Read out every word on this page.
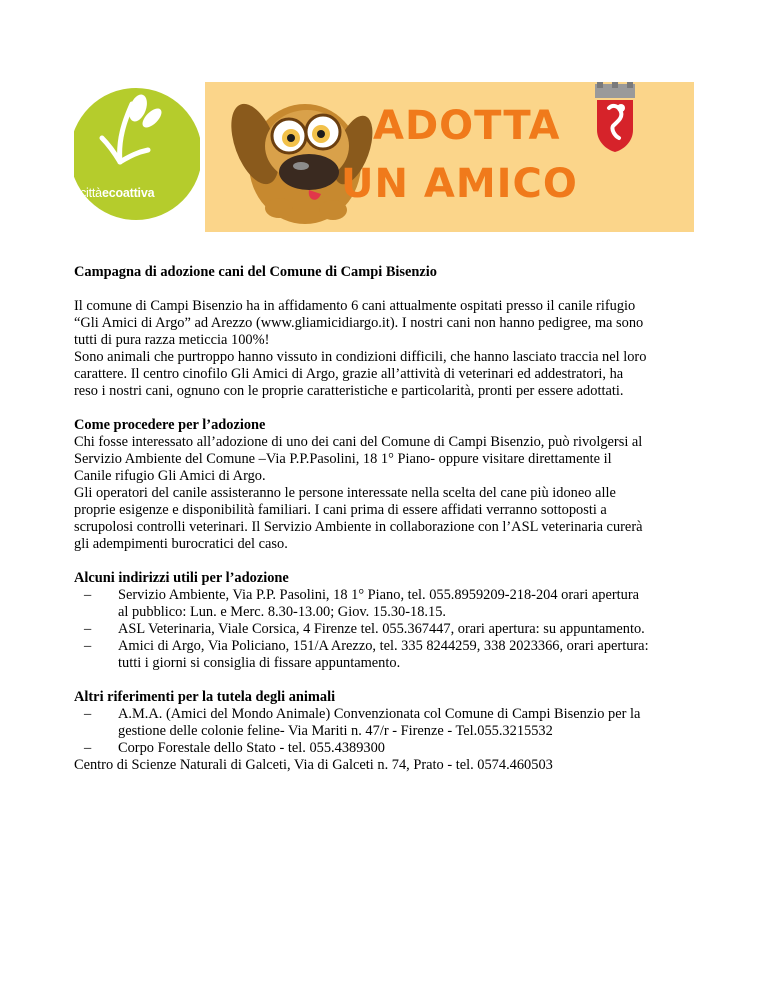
cittàecoattiva
ADOTTA
UN AMICO

Campagna di adozione cani del Comune di Campi Bisenzio

Il comune di Campi Bisenzio ha in affidamento 6 cani attualmente ospitati presso il canile rifugio

“Gli Amici di Argo” ad Arezzo (www.gliamicidiargo.it). I nostri cani non hanno pedigree, ma sono

tutti di pura razza meticcia 100%!

Sono animali che purtroppo hanno vissuto in condizioni difficili, che hanno lasciato traccia nel loro

carattere. Il centro cinofilo Gli Amici di Argo, grazie all’attività di veterinari ed addestratori, ha

reso i nostri cani, ognuno con le proprie caratteristiche e particolarità, pronti per essere adottati.

Come procedere per l’adozione

Chi fosse interessato all’adozione di uno dei cani del Comune di Campi Bisenzio, può rivolgersi al

Servizio Ambiente del Comune –Via P.P.Pasolini, 18 1° Piano- oppure visitare direttamente il

Canile rifugio Gli Amici di Argo.

Gli operatori del canile assisteranno le persone interessate nella scelta del cane più idoneo alle

proprie esigenze e disponibilità familiari. I cani prima di essere affidati verranno sottoposti a

scrupolosi controlli veterinari. Il Servizio Ambiente in collaborazione con l’ASL veterinaria curerà

gli adempimenti burocratici del caso.

Alcuni indirizzi utili per l’adozione

– Servizio Ambiente, Via P.P. Pasolini, 18 1° Piano, tel. 055.8959209-218-204 orari apertura
al pubblico: Lun. e Merc. 8.30-13.00; Giov. 15.30-18.15.
– ASL Veterinaria, Viale Corsica, 4 Firenze tel. 055.367447, orari apertura: su appuntamento.
– Amici di Argo, Via Policiano, 151/A Arezzo, tel. 335 8244259, 338 2023366, orari apertura:
tutti i giorni si consiglia di fissare appuntamento.

Altri riferimenti per la tutela degli animali

– A.M.A. (Amici del Mondo Animale) Convenzionata col Comune di Campi Bisenzio per la
gestione delle colonie feline- Via Mariti n. 47/r - Firenze - Tel.055.3215532
– Corpo Forestale dello Stato - tel. 055.4389300

Centro di Scienze Naturali di Galceti, Via di Galceti n. 74, Prato - tel. 0574.460503
